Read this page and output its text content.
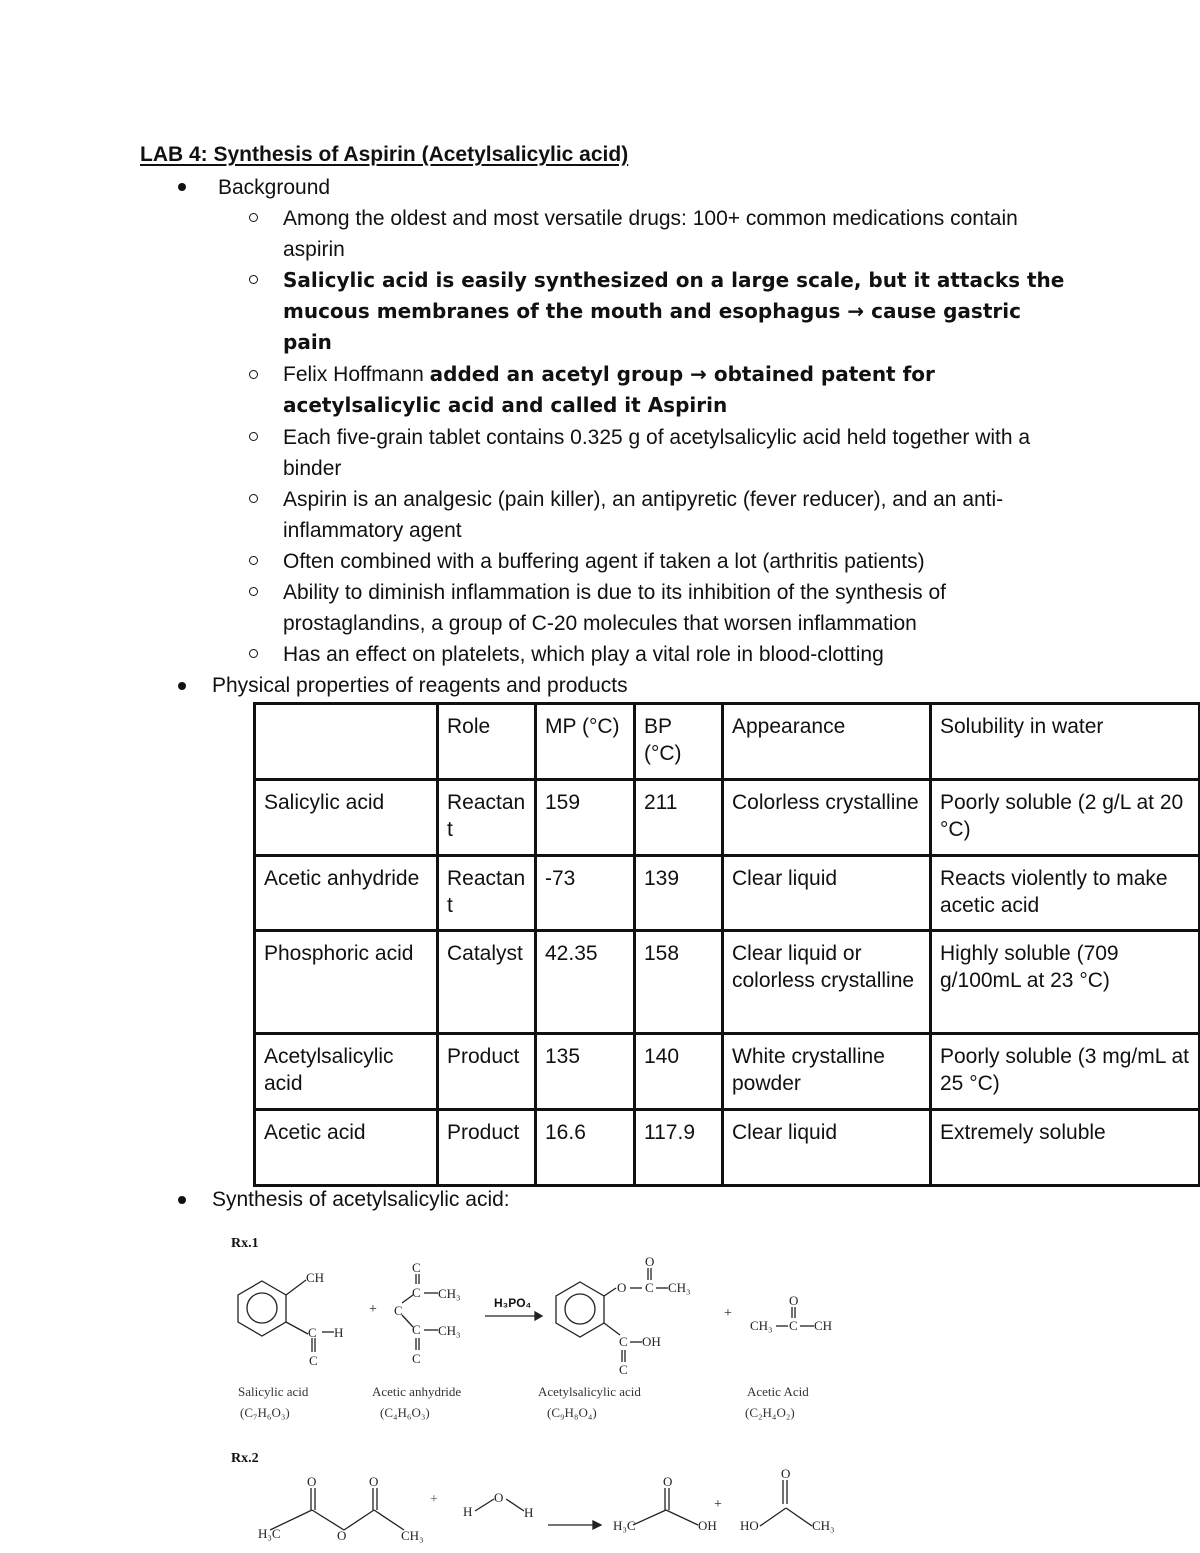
LAB 4: Synthesis of Aspirin (Acetylsalicylic acid)
Background
Among the oldest and most versatile drugs: 100+ common medications contain aspirin
Salicylic acid is easily synthesized on a large scale, but it attacks the mucous membranes of the mouth and esophagus → cause gastric pain
Felix Hoffmann added an acetyl group → obtained patent for acetylsalicylic acid and called it Aspirin
Each five-grain tablet contains 0.325 g of acetylsalicylic acid held together with a binder
Aspirin is an analgesic (pain killer), an antipyretic (fever reducer), and an anti-inflammatory agent
Often combined with a buffering agent if taken a lot (arthritis patients)
Ability to diminish inflammation is due to its inhibition of the synthesis of prostaglandins, a group of C-20 molecules that worsen inflammation
Has an effect on platelets, which play a vital role in blood-clotting
Physical properties of reagents and products
	Role	MP (°C)	BP (°C)	Appearance	Solubility in water
Salicylic acid	Reactant	159	211	Colorless crystalline	Poorly soluble (2 g/L at 20 °C)
Acetic anhydride	Reactant	-73	139	Clear liquid	Reacts violently to make acetic acid
Phosphoric acid	Catalyst	42.35	158	Clear liquid or colorless crystalline	Highly soluble (709 g/100mL at 23 °C)
Acetylsalicylic acid	Product	135	140	White crystalline powder	Poorly soluble (3 mg/mL at 25 °C)
Acetic acid	Product	16.6	117.9	Clear liquid	Extremely soluble
Synthesis of acetylsalicylic acid:
Rx.1
Rx.2
CH
C H
C
C
C CH₃
C
C CH₃
C
O
O C CH₃
C OH
C
O
CH₃ C CH
O	O
H₃C	O	CH₃
H
O
H
H₃C
O
OH HO
O
CH₃
+	+
+	+
H₃PO₄
Salicylic acid
(C₇H₆O₃)
Acetic anhydride
(C₄H₆O₃)
Acetylsalicylic acid
(C₉H₈O₄)
Acetic Acid
(C₂H₄O₂)
